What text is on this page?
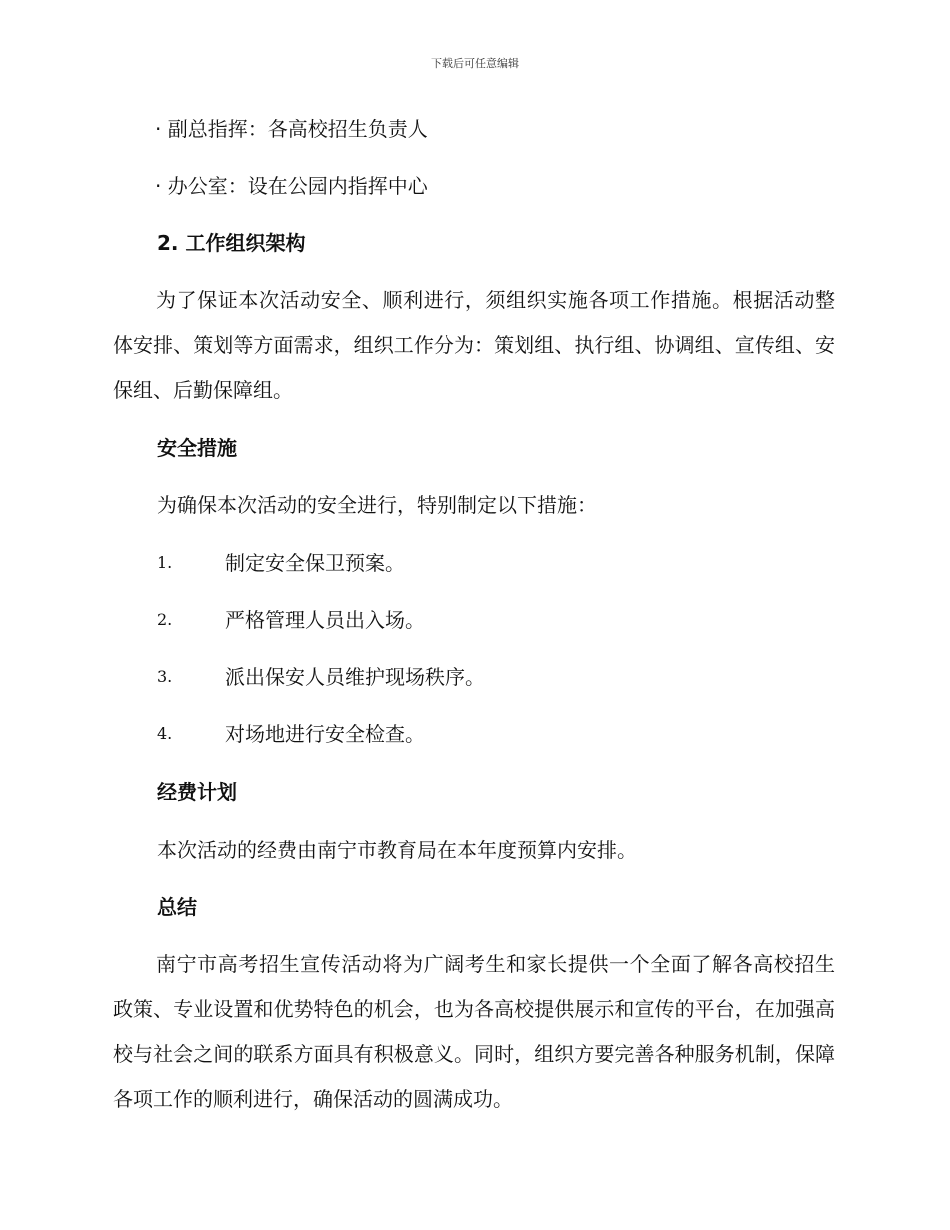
下载后可任意编辑
· 副总指挥：各高校招生负责人
· 办公室：设在公园内指挥中心
2. 工作组织架构
为了保证本次活动安全、顺利进行，须组织实施各项工作措施。根据活动整体安排、策划等方面需求，组织工作分为：策划组、执行组、协调组、宣传组、安保组、后勤保障组。
安全措施
为确保本次活动的安全进行，特别制定以下措施：
1.	制定安全保卫预案。
2.	严格管理人员出入场。
3.	派出保安人员维护现场秩序。
4.	对场地进行安全检查。
经费计划
本次活动的经费由南宁市教育局在本年度预算内安排。
总结
南宁市高考招生宣传活动将为广阔考生和家长提供一个全面了解各高校招生政策、专业设置和优势特色的机会，也为各高校提供展示和宣传的平台，在加强高校与社会之间的联系方面具有积极意义。同时，组织方要完善各种服务机制，保障各项工作的顺利进行，确保活动的圆满成功。
